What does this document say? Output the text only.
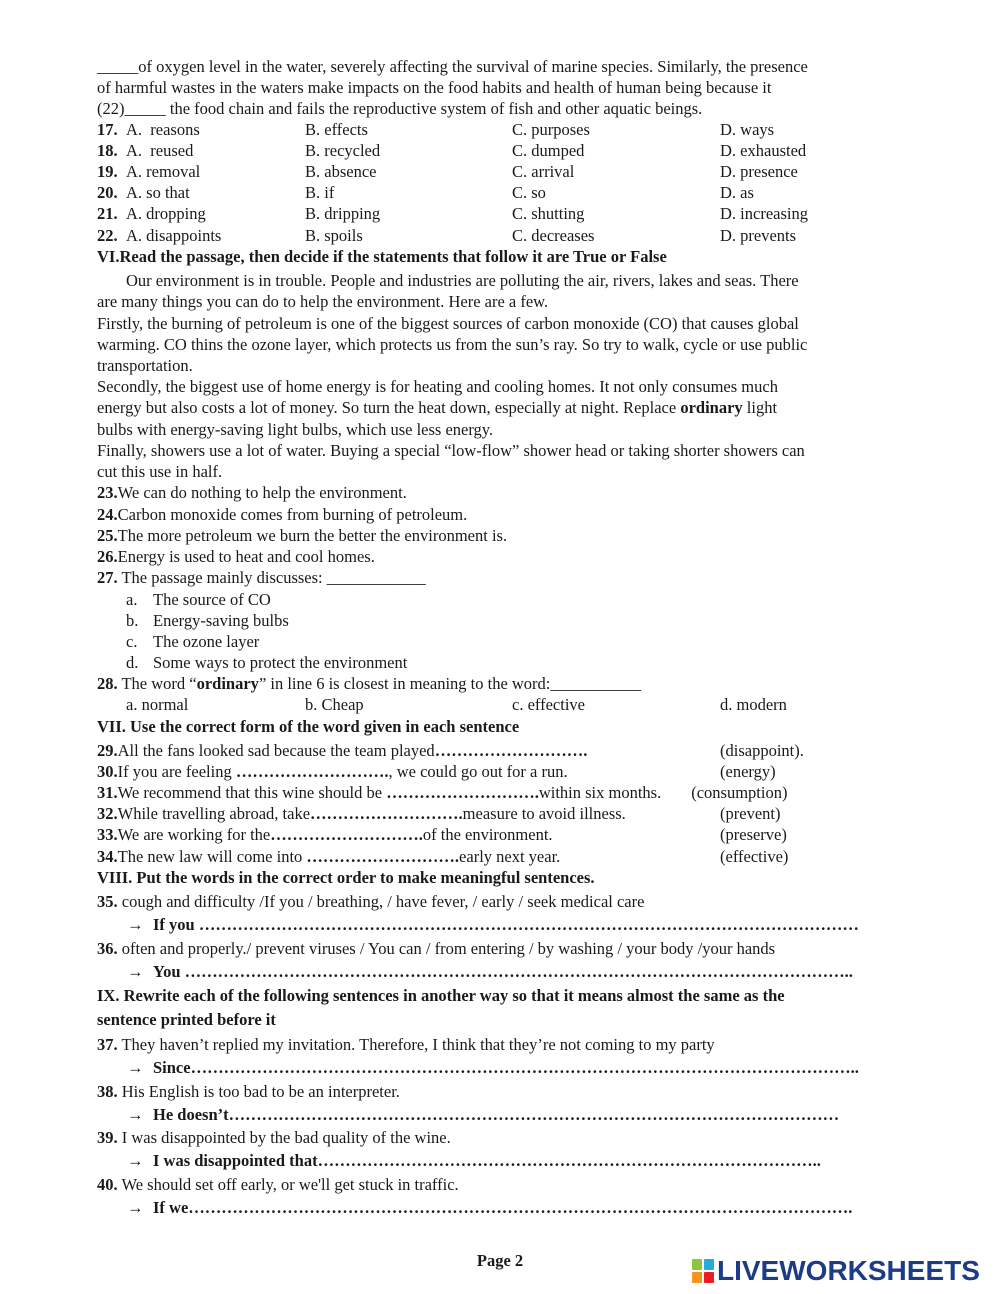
_____of oxygen level in the water, severely affecting the survival of marine species. Similarly, the presence
of harmful wastes in the waters make impacts on the food habits and health of human being because it
(22)_____ the food chain and fails the reproductive system of fish and other aquatic beings.
17. A.  reasons	B. effects	C. purposes	D. ways
18. A.  reused	B. recycled	C. dumped	D. exhausted
19. A. removal	B. absence	C. arrival	D. presence
20. A. so that	B. if	C. so	D. as
21. A. dropping	B. dripping	C. shutting	D. increasing
22. A. disappoints	B. spoils	C. decreases	D. prevents
VI.Read the passage, then decide if the statements that follow it are True or False
Our environment is in trouble. People and industries are polluting the air, rivers, lakes and seas. There
are many things you can do to help the environment. Here are a few.
Firstly, the burning of petroleum is one of the biggest sources of carbon monoxide (CO) that causes global
warming. CO thins the ozone layer, which protects us from the sun’s ray. So try to walk, cycle or use public
transportation.
Secondly, the biggest use of home energy is for heating and cooling homes. It not only consumes much
energy but also costs a lot of money. So turn the heat down, especially at night. Replace ordinary light
bulbs with energy-saving light bulbs, which use less energy.
Finally, showers use a lot of water. Buying a special “low-flow” shower head or taking shorter showers can
cut this use in half.
23.We can do nothing to help the environment.
24.Carbon monoxide comes from burning of petroleum.
25.The more petroleum we burn the better the environment is.
26.Energy is used to heat and cool homes.
27. The passage mainly discusses: ____________
a. The source of CO
b. Energy-saving bulbs
c. The ozone layer
d. Some ways to protect the environment
28. The word “ordinary” in line 6 is closest in meaning to the word:___________
a. normal	b. Cheap	c. effective	d. modern
VII. Use the correct form of the word given in each sentence
29.All the fans looked sad because the team played……………………….	(disappoint).
30.If you are feeling ………………………., we could go out for a run.	(energy)
31.We recommend that this wine should be ……………………….within six months. (consumption)
32.While travelling abroad, take……………………….measure to avoid illness.	(prevent)
33.We are working for the……………………….of the environment.	(preserve)
34.The new law will come into ……………………….early next year.	(effective)
VIII. Put the words in the correct order to make meaningful sentences.
35. cough and difficulty /If you / breathing, / have fever, / early / seek medical care
→ If you …………………………………………………………………………………………………………
36. often and properly./ prevent viruses / You can / from entering / by washing / your body /your hands
→ You …………………………………………………………………………………………………………..
IX. Rewrite each of the following sentences in another way so that it means almost the same as the
sentence printed before it
37. They haven’t replied my invitation. Therefore, I think that they’re not coming to my party
→ Since…………………………………………………………………………………………………………..
38. His English is too bad to be an interpreter.
→ He doesn’t…………………………………………………………………………………………………
39. I was disappointed by the bad quality of the wine.
→ I was disappointed that………………………………………………………………………………..
40. We should set off early, or we'll get stuck in traffic.
→ If we………………………………………………………………………………………………………….
Page 2	LIVEWORKSHEETS
